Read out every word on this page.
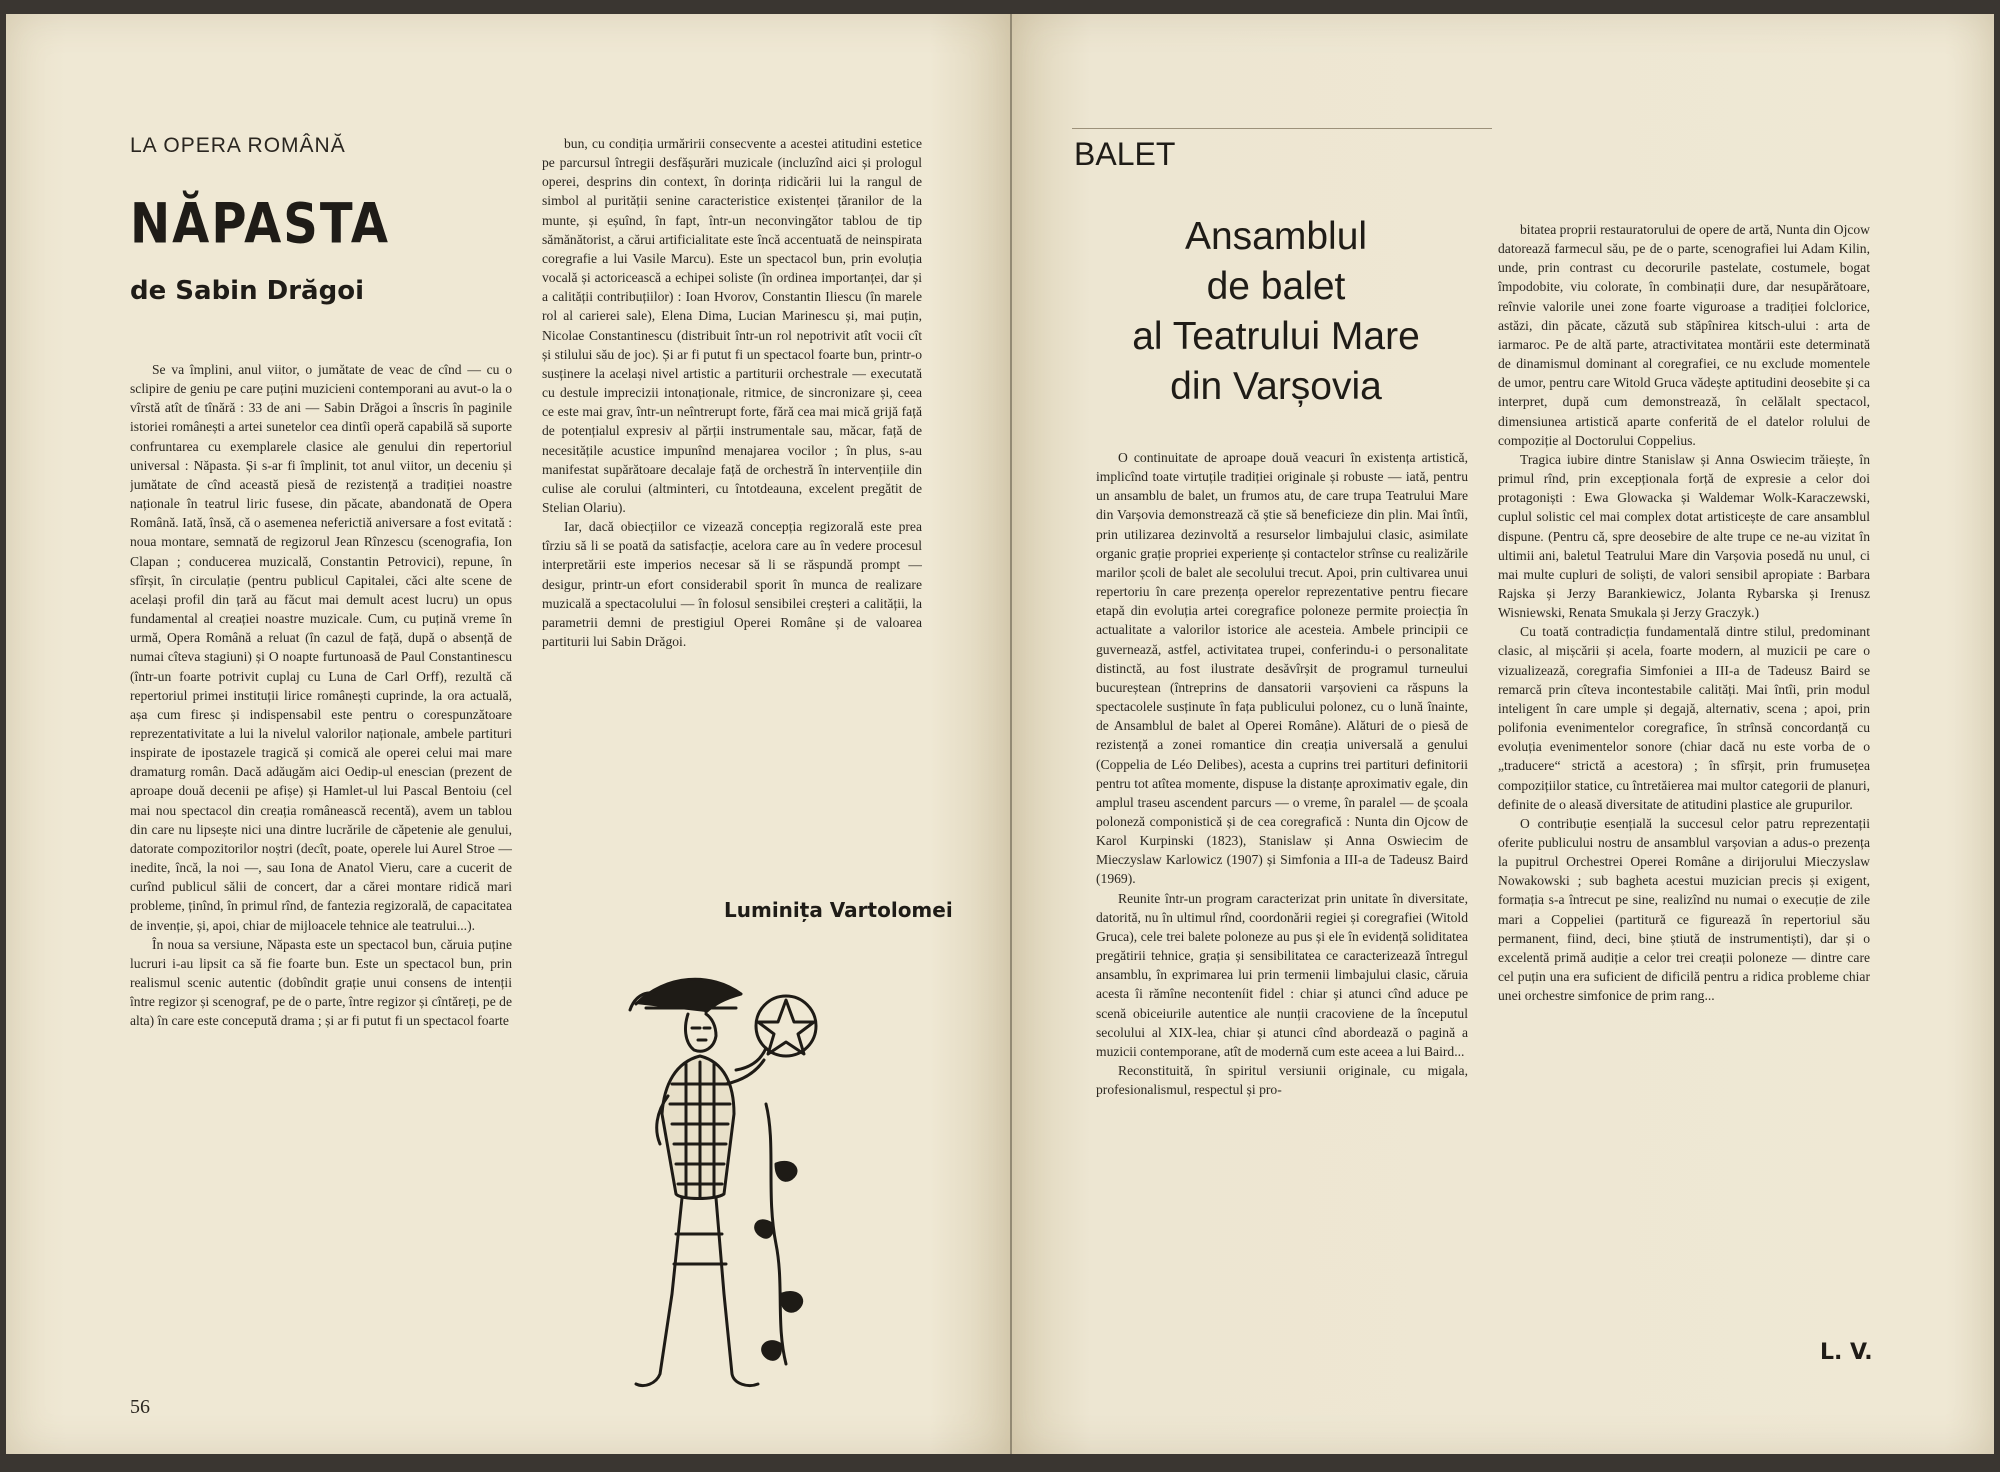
LA OPERA ROMÂNĂ
NĂPASTA
de Sabin Drăgoi

Se va împlini, anul viitor, o jumătate de veac de cînd — cu o sclipire de geniu pe care puțini muzicieni contemporani au avut-o la o vîrstă atît de tînără : 33 de ani — Sabin Drăgoi a înscris în paginile istoriei românești a artei sunetelor cea dintîi operă capabilă să suporte confruntarea cu exemplarele clasice ale genului din repertoriul universal : Năpasta. Și s-ar fi împlinit, tot anul viitor, un deceniu și jumătate de cînd această piesă de rezistență a tradiției noastre naționale în teatrul liric fusese, din păcate, abandonată de Opera Română. Iată, însă, că o asemenea neferictiă aniversare a fost evitată : noua montare, semnată de regizorul Jean Rînzescu (scenografia, Ion Clapan ; conducerea muzicală, Constantin Petrovici), repune, în sfîrșit, în circulație (pentru publicul Capitalei, căci alte scene de același profil din țară au făcut mai demult acest lucru) un opus fundamental al creației noastre muzicale. Cum, cu puțină vreme în urmă, Opera Română a reluat (în cazul de față, după o absență de numai cîteva stagiuni) și O noapte furtunoasă de Paul Constantinescu (într-un foarte potrivit cuplaj cu Luna de Carl Orff), rezultă că repertoriul primei instituții lirice românești cuprinde, la ora actuală, așa cum firesc și indispensabil este pentru o corespunzătoare reprezentativitate a lui la nivelul valorilor naționale, ambele partituri inspirate de ipostazele tragică și comică ale operei celui mai mare dramaturg român. Dacă adăugăm aici Oedip-ul enescian (prezent de aproape două decenii pe afișe) și Hamlet-ul lui Pascal Bentoiu (cel mai nou spectacol din creația românească recentă), avem un tablou din care nu lipsește nici una dintre lucrările de căpetenie ale genului, datorate compozitorilor noștri (decît, poate, operele lui Aurel Stroe — inedite, încă, la noi —, sau Iona de Anatol Vieru, care a cucerit de curînd publicul sălii de concert, dar a cărei montare ridică mari probleme, ținînd, în primul rînd, de fantezia regizorală, de capacitatea de invenție, și, apoi, chiar de mijloacele tehnice ale teatrului...).

În noua sa versiune, Năpasta este un spectacol bun, căruia puține lucruri i-au lipsit ca să fie foarte bun. Este un spectacol bun, prin realismul scenic autentic (dobîndit grație unui consens de intenții între regizor și scenograf, pe de o parte, între regizor și cîntăreți, pe de alta) în care este concepută drama ; și ar fi putut fi un spectacol foarte

bun, cu condiția urmăririi consecvente a acestei atitudini estetice pe parcursul întregii desfășurări muzicale (incluzînd aici și prologul operei, desprins din context, în dorința ridicării lui la rangul de simbol al purității senine caracteristice existenței țăranilor de la munte, și eșuînd, în fapt, într-un neconvingător tablou de tip sămănătorist, a cărui artificialitate este încă accentuată de neinspirata coregrafie a lui Vasile Marcu). Este un spectacol bun, prin evoluția vocală și actoricească a echipei soliste (în ordinea importanței, dar și a calității contribuțiilor) : Ioan Hvorov, Constantin Iliescu (în marele rol al carierei sale), Elena Dima, Lucian Marinescu și, mai puțin, Nicolae Constantinescu (distribuit într-un rol nepotrivit atît vocii cît și stilului său de joc). Și ar fi putut fi un spectacol foarte bun, printr-o susținere la același nivel artistic a partiturii orchestrale — executată cu destule imprecizii intonaționale, ritmice, de sincronizare și, ceea ce este mai grav, într-un neîntrerupt forte, fără cea mai mică grijă față de potențialul expresiv al părții instrumentale sau, măcar, față de necesitățile acustice impunînd menajarea vocilor ; în plus, s-au manifestat supărătoare decalaje față de orchestră în intervențiile din culise ale corului (altminteri, cu întotdeauna, excelent pregătit de Stelian Olariu).

Iar, dacă obiecțiilor ce vizează concepția regizorală este prea tîrziu să li se poată da satisfacție, acelora care au în vedere procesul interpretării este imperios necesar să li se răspundă prompt — desigur, printr-un efort considerabil sporit în munca de realizare muzicală a spectacolului — în folosul sensibilei creșteri a calității, la parametrii demni de prestigiul Operei Române și de valoarea partiturii lui Sabin Drăgoi.

Luminița Vartolomei
56
BALET
Ansamblul
de balet
al Teatrului Mare
din Varșovia

O continuitate de aproape două veacuri în existența artistică, implicînd toate virtuțile tradiției originale și robuste — iată, pentru un ansamblu de balet, un frumos atu, de care trupa Teatrului Mare din Varșovia demonstrează că știe să beneficieze din plin. Mai întîi, prin utilizarea dezinvoltă a resurselor limbajului clasic, asimilate organic grație propriei experiențe și contactelor strînse cu realizările marilor școli de balet ale secolului trecut. Apoi, prin cultivarea unui repertoriu în care prezența operelor reprezentative pentru fiecare etapă din evoluția artei coregrafice poloneze permite proiecția în actualitate a valorilor istorice ale acesteia. Ambele principii ce guvernează, astfel, activitatea trupei, conferindu-i o personalitate distinctă, au fost ilustrate desăvîrșit de programul turneului bucureștean (întreprins de dansatorii varșovieni ca răspuns la spectacolele susținute în fața publicului polonez, cu o lună înainte, de Ansamblul de balet al Operei Române). Alături de o piesă de rezistență a zonei romantice din creația universală a genului (Coppelia de Léo Delibes), acesta a cuprins trei partituri definitorii pentru tot atîtea momente, dispuse la distanțe aproximativ egale, din amplul traseu ascendent parcurs — o vreme, în paralel — de școala poloneză componistică și de cea coregrafică : Nunta din Ojcow de Karol Kurpinski (1823), Stanislaw și Anna Oswiecim de Mieczyslaw Karlowicz (1907) și Simfonia a III-a de Tadeusz Baird (1969).

Reunite într-un program caracterizat prin unitate în diversitate, datorită, nu în ultimul rînd, coordonării regiei și coregrafiei (Witold Gruca), cele trei balete poloneze au pus și ele în evidență soliditatea pregătirii tehnice, grația și sensibilitatea ce caracterizează întregul ansamblu, în exprimarea lui prin termenii limbajului clasic, căruia acesta îi rămîne neconteníit fidel : chiar și atunci cînd aduce pe scenă obiceiurile autentice ale nunții cracoviene de la începutul secolului al XIX-lea, chiar și atunci cînd abordează o pagină a muzicii contemporane, atît de modernă cum este aceea a lui Baird...

Reconstituită, în spiritul versiunii originale, cu migala, profesionalismul, respectul și pro-

bitatea proprii restauratorului de opere de artă, Nunta din Ojcow datorează farmecul său, pe de o parte, scenografiei lui Adam Kilin, unde, prin contrast cu decorurile pastelate, costumele, bogat împodobite, viu colorate, în combinații dure, dar nesupărătoare, reînvie valorile unei zone foarte viguroase a tradiției folclorice, astăzi, din păcate, căzută sub stăpînirea kitsch-ului : arta de iarmaroc. Pe de altă parte, atractivitatea montării este determinată de dinamismul dominant al coregrafiei, ce nu exclude momentele de umor, pentru care Witold Gruca vădește aptitudini deosebite și ca interpret, după cum demonstrează, în celălalt spectacol, dimensiunea artistică aparte conferită de el datelor rolului de compoziție al Doctorului Coppelius.

Tragica iubire dintre Stanislaw și Anna Oswiecim trăiește, în primul rînd, prin excepționala forță de expresie a celor doi protagoniști : Ewa Glowacka și Waldemar Wolk-Karaczewski, cuplul solistic cel mai complex dotat artisticește de care ansamblul dispune. (Pentru că, spre deosebire de alte trupe ce ne-au vizitat în ultimii ani, baletul Teatrului Mare din Varșovia posedă nu unul, ci mai multe cupluri de soliști, de valori sensibil apropiate : Barbara Rajska și Jerzy Barankiewicz, Jolanta Rybarska și Irenusz Wisniewski, Renata Smukala și Jerzy Graczyk.)

Cu toată contradicția fundamentală dintre stilul, predominant clasic, al mișcării și acela, foarte modern, al muzicii pe care o vizualizează, coregrafia Simfoniei a III-a de Tadeusz Baird se remarcă prin cîteva incontestabile calități. Mai întîi, prin modul inteligent în care umple și degajă, alternativ, scena ; apoi, prin polifonia evenimentelor coregrafice, în strînsă concordanță cu evoluția evenimentelor sonore (chiar dacă nu este vorba de o „traducere“ strictă a acestora) ; în sfîrșit, prin frumusețea compozițiilor statice, cu întretăierea mai multor categorii de planuri, definite de o aleasă diversitate de atitudini plastice ale grupurilor.

O contribuție esențială la succesul celor patru reprezentații oferite publicului nostru de ansamblul varșovian a adus-o prezența la pupitrul Orchestrei Operei Române a dirijorului Mieczyslaw Nowakowski ; sub bagheta acestui muzician precis și exigent, formația s-a întrecut pe sine, realizînd nu numai o execuție de zile mari a Coppeliei (partitură ce figurează în repertoriul său permanent, fiind, deci, bine știută de instrumentiști), dar și o excelentă primă audiție a celor trei creații poloneze — dintre care cel puțin una era suficient de dificilă pentru a ridica probleme chiar unei orchestre simfonice de prim rang...

L. V.
